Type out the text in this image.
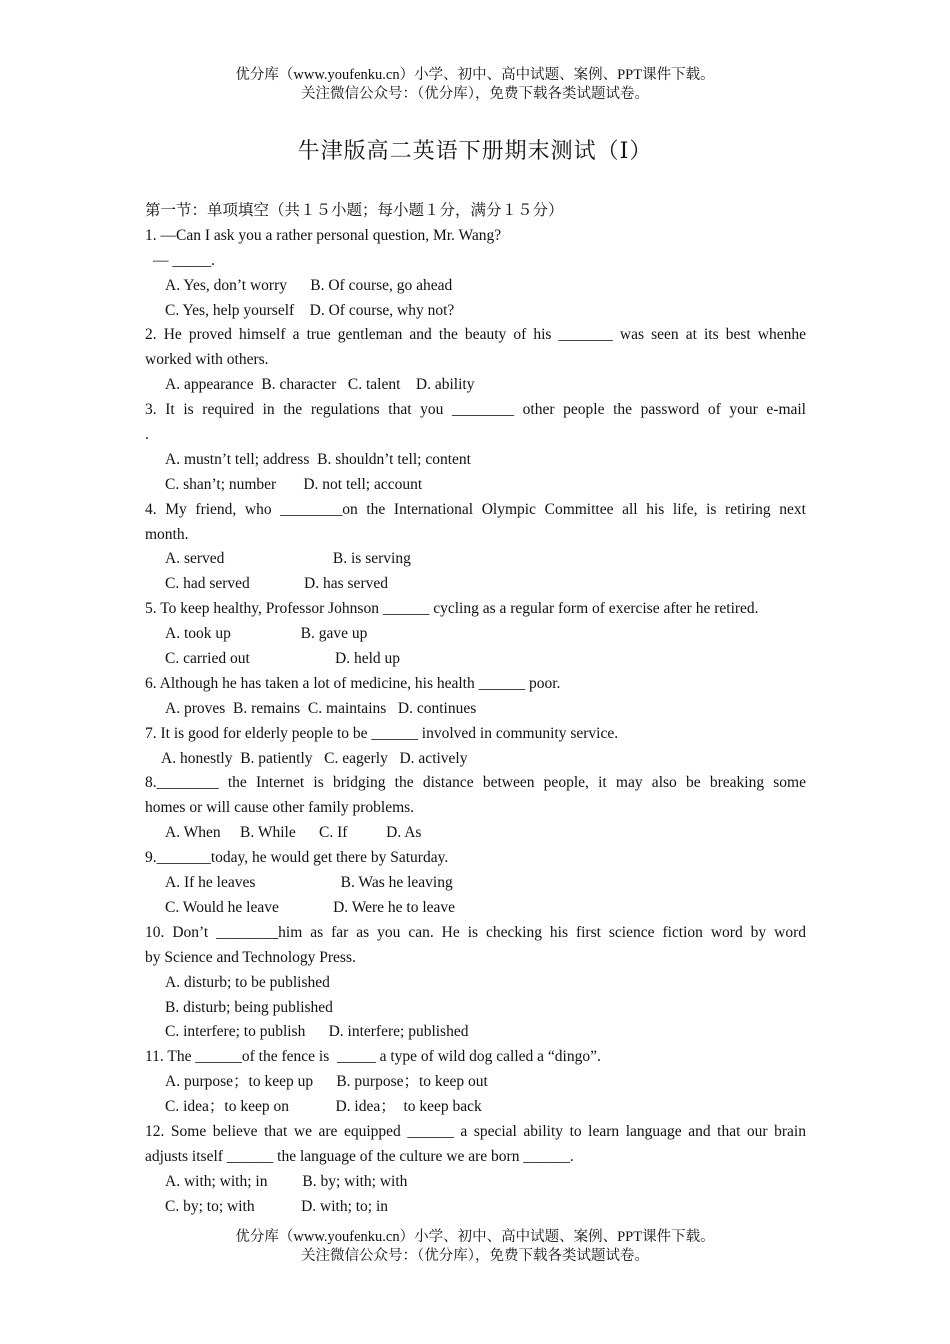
优分库（www.youfenku.cn）小学、初中、高中试题、案例、PPT课件下载。
关注微信公众号：（优分库），免费下载各类试题试卷。
牛津版高二英语下册期末测试（Ⅰ）
第一节：单项填空（共１５小题；每小题１分，满分１５分）
1. —Can I ask you a rather personal question, Mr. Wang?
— _____.
A. Yes, don’t worry      B. Of course, go ahead
C. Yes, help yourself    D. Of course, why not?
2. He proved himself a true gentleman and the beauty of his _______ was seen at its best whenhe
worked with others.
A. appearance  B. character   C. talent    D. ability
3. It is required in the regulations that you ________ other people the password of your e-mail
.
A. mustn’t tell; address  B. shouldn’t tell; content
C. shan’t; number       D. not tell; account
4. My friend, who ________on the International Olympic Committee all his life, is retiring next
month.
A. served                            B. is serving
C. had served              D. has served
5. To keep healthy, Professor Johnson ______ cycling as a regular form of exercise after he retired.
A. took up                  B. gave up
C. carried out                      D. held up
6. Although he has taken a lot of medicine, his health ______ poor.
A. proves  B. remains  C. maintains   D. continues
7. It is good for elderly people to be ______ involved in community service.
A. honestly  B. patiently   C. eagerly   D. actively
8.________ the Internet is bridging the distance between people, it may also be breaking some
homes or will cause other family problems.
A. When     B. While      C. If          D. As
9._______today, he would get there by Saturday.
A. If he leaves                      B. Was he leaving
C. Would he leave              D. Were he to leave
10. Don’t ________him as far as you can. He is checking his first science fiction word by word
by Science and Technology Press.
A. disturb; to be published
B. disturb; being published
C. interfere; to publish      D. interfere; published
11. The ______of the fence is  _____ a type of wild dog called a “dingo”.
A. purpose；to keep up      B. purpose；to keep out
C. idea；to keep on            D. idea；  to keep back
12. Some believe that we are equipped ______ a special ability to learn language and that our brain
adjusts itself ______ the language of the culture we are born ______.
A. with; with; in         B. by; with; with
C. by; to; with            D. with; to; in
优分库（www.youfenku.cn）小学、初中、高中试题、案例、PPT课件下载。
关注微信公众号：（优分库），免费下载各类试题试卷。
